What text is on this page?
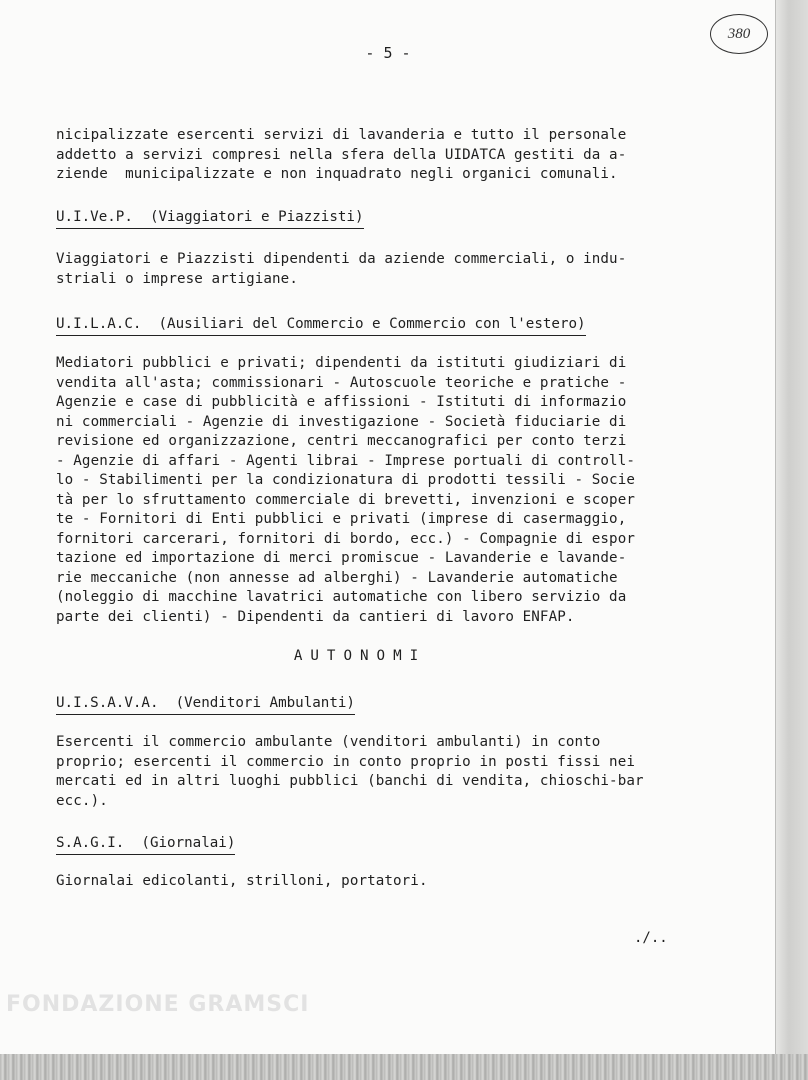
380
- 5 -
nicipalizzate esercenti servizi di lavanderia e tutto il personale
addetto a servizi compresi nella sfera della UIDATCA gestiti da a-
ziende  municipalizzate e non inquadrato negli organici comunali.
U.I.Ve.P.  (Viaggiatori e Piazzisti)
Viaggiatori e Piazzisti dipendenti da aziende commerciali, o indu-
striali o imprese artigiane.
U.I.L.A.C.  (Ausiliari del Commercio e Commercio con l'estero)
Mediatori pubblici e privati; dipendenti da istituti giudiziari di
vendita all'asta; commissionari - Autoscuole teoriche e pratiche -
Agenzie e case di pubblicità e affissioni - Istituti di informazio
ni commerciali - Agenzie di investigazione - Società fiduciarie di
revisione ed organizzazione, centri meccanografici per conto terzi
- Agenzie di affari - Agenti librai - Imprese portuali di controll-
lo - Stabilimenti per la condizionatura di prodotti tessili - Socie
tà per lo sfruttamento commerciale di brevetti, invenzioni e scoper
te - Fornitori di Enti pubblici e privati (imprese di casermaggio,
fornitori carcerari, fornitori di bordo, ecc.) - Compagnie di espor
tazione ed importazione di merci promiscue - Lavanderie e lavande-
rie meccaniche (non annesse ad alberghi) - Lavanderie automatiche
(noleggio di macchine lavatrici automatiche con libero servizio da
parte dei clienti) - Dipendenti da cantieri di lavoro ENFAP.
AUTONOMI
U.I.S.A.V.A.  (Venditori Ambulanti)
Esercenti il commercio ambulante (venditori ambulanti) in conto
proprio; esercenti il commercio in conto proprio in posti fissi nei
mercati ed in altri luoghi pubblici (banchi di vendita, chioschi-bar
ecc.).
S.A.G.I.  (Giornalai)
Giornalai edicolanti, strilloni, portatori.
./..
FONDAZIONE GRAMSCI
